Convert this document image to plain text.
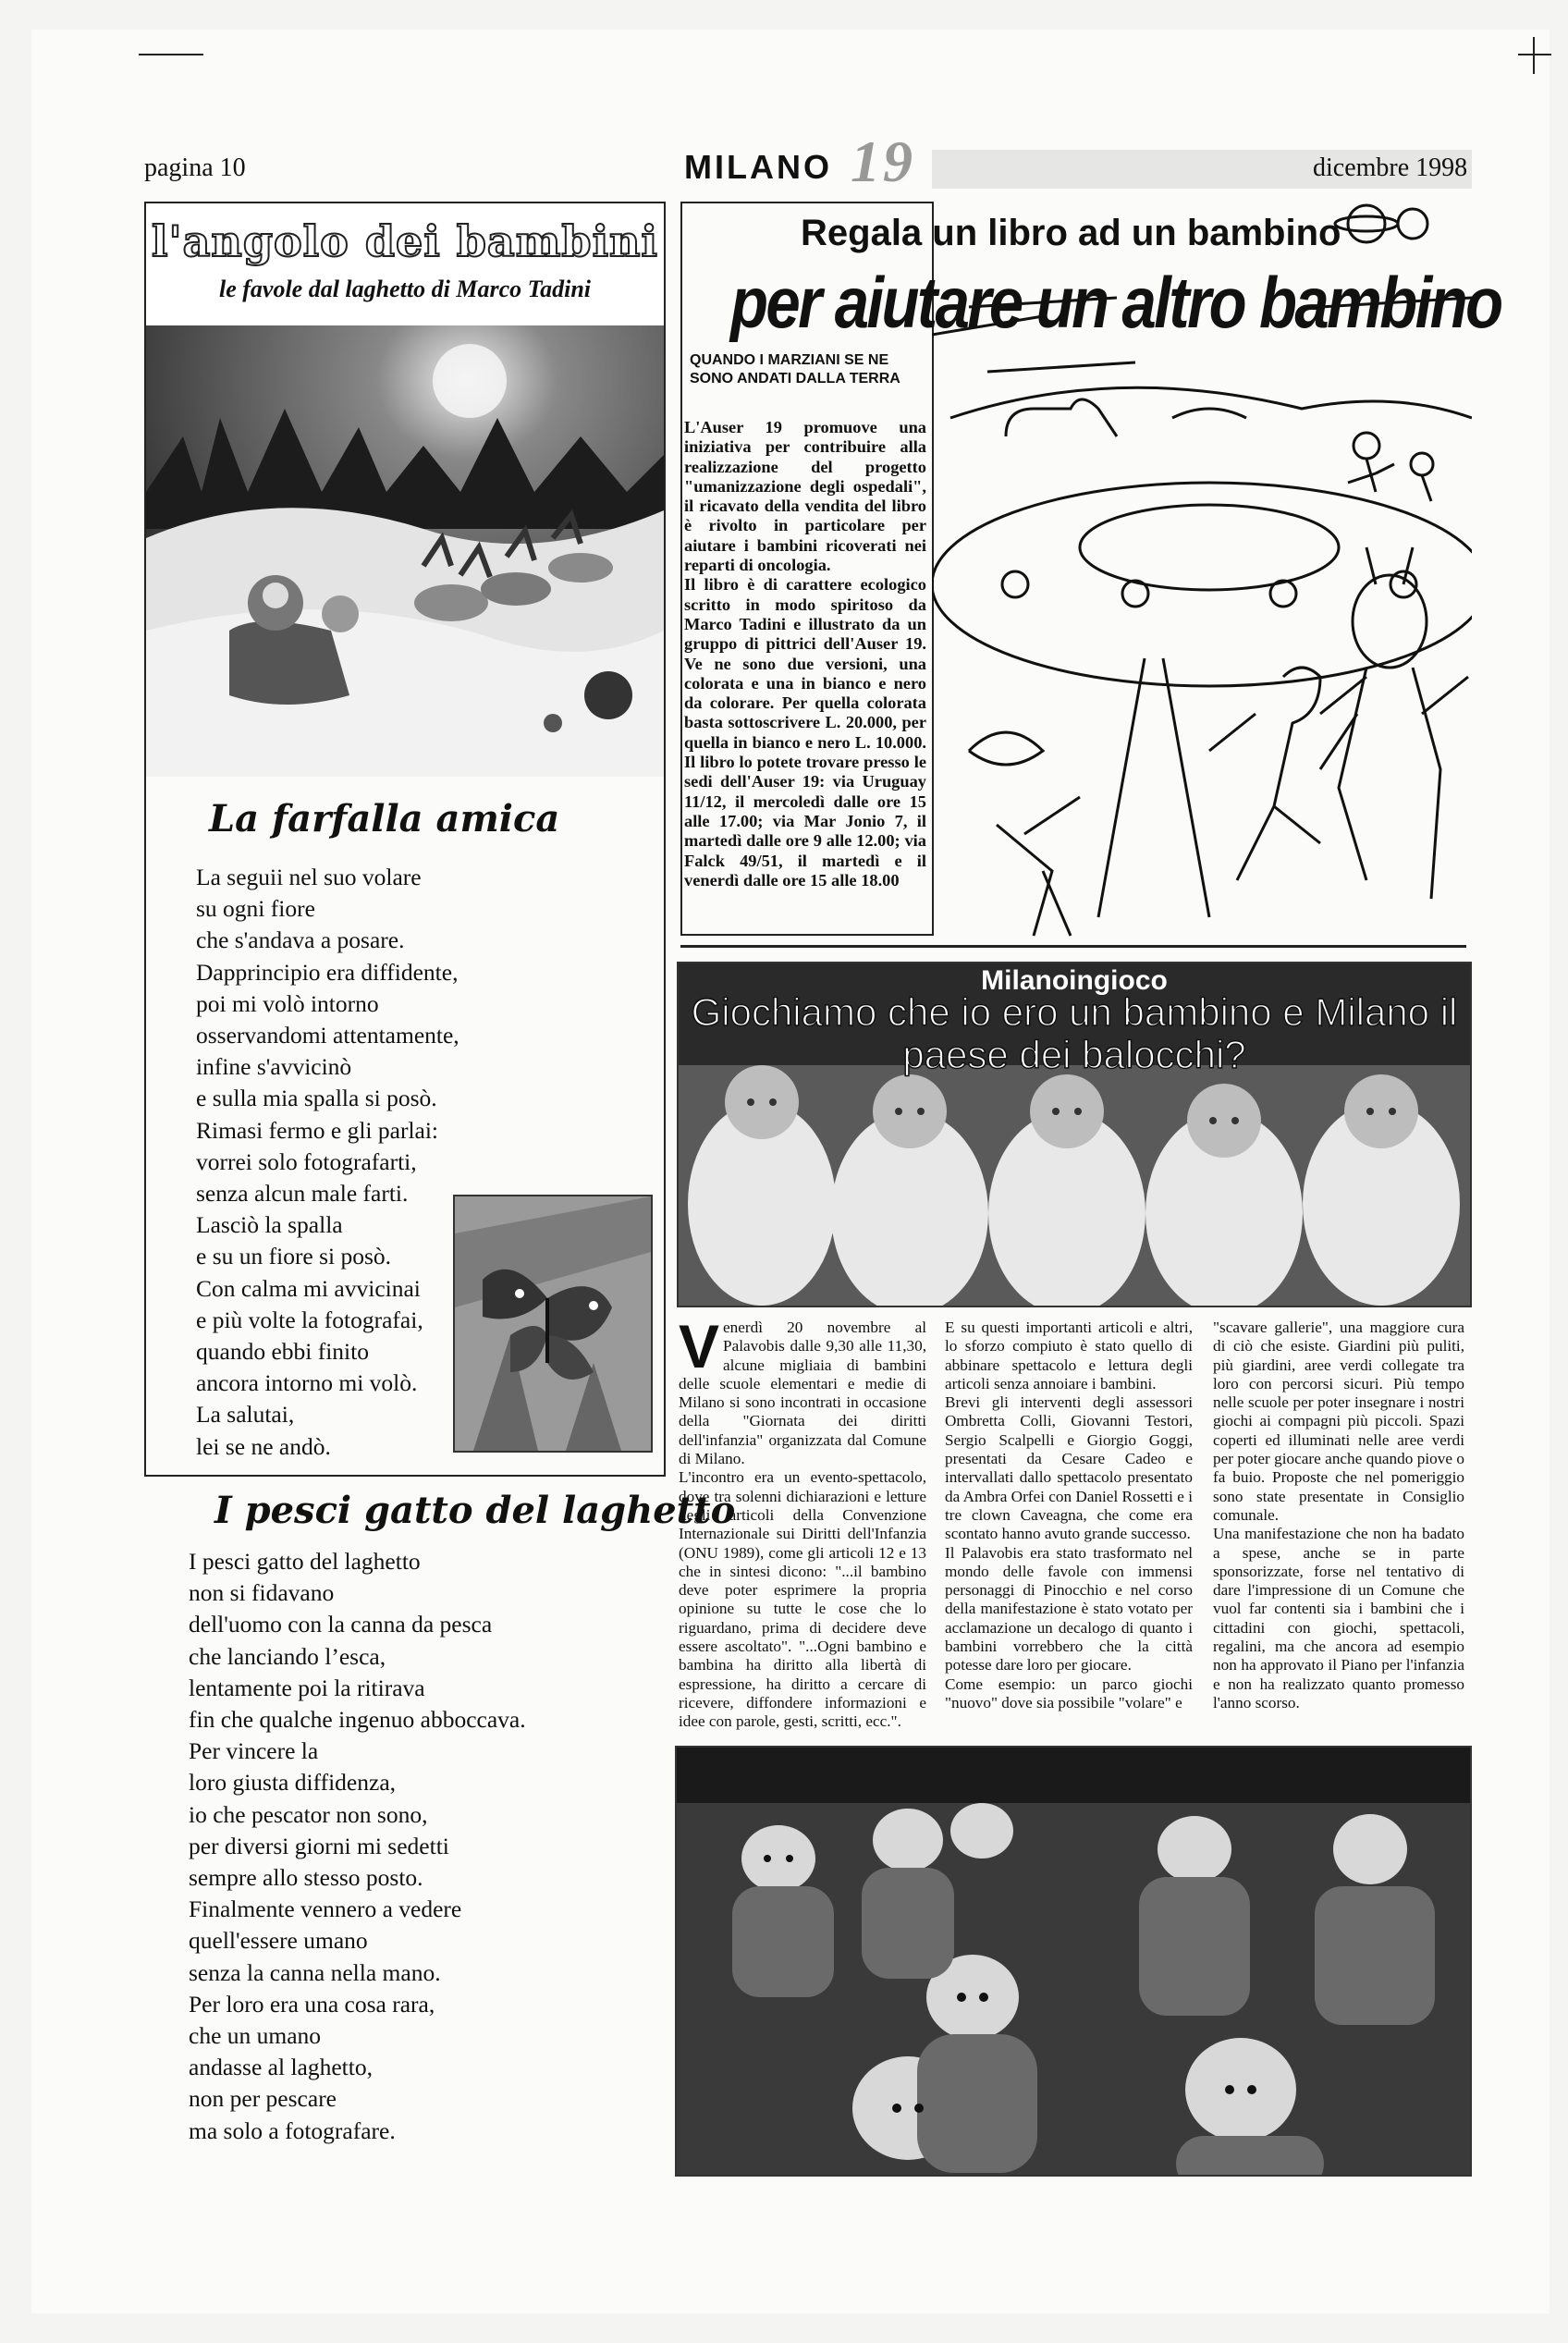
pagina 10	MILANO 19	dicembre 1998
l'angolo dei bambini
le favole dal laghetto di Marco Tadini
La farfalla amica
La seguii nel suo volare
su ogni fiore
che s'andava a posare.
Dapprincipio era diffidente,
poi mi volò intorno
osservandomi attentamente,
infine s'avvicinò
e sulla mia spalla si posò.
Rimasi fermo e gli parlai:
vorrei solo fotografarti,
senza alcun male farti.
Lasciò la spalla
e su un fiore si posò.
Con calma mi avvicinai
e più volte la fotografai,
quando ebbi finito
ancora intorno mi volò.
La salutai,
lei se ne andò.
I pesci gatto del laghetto
I pesci gatto del laghetto
non si fidavano
dell'uomo con la canna da pesca
che lanciando l’esca,
lentamente poi la ritirava
fin che qualche ingenuo abboccava.
Per vincere la
loro giusta diffidenza,
io che pescator non sono,
per diversi giorni mi sedetti
sempre allo stesso posto.
Finalmente vennero a vedere
quell'essere umano
senza la canna nella mano.
Per loro era una cosa rara,
che un umano
andasse al laghetto,
non per pescare
ma solo a fotografare.
Regala un libro ad un bambino
per aiutare un altro bambino
QUANDO I MARZIANI SE NE SONO ANDATI DALLA TERRA
L'Auser 19 promuove una iniziativa per contribuire alla realizzazione del progetto "umanizzazione degli ospedali", il ricavato della vendita del libro è rivolto in particolare per aiutare i bambini ricoverati nei reparti di oncologia.
Il libro è di carattere ecologico scritto in modo spiritoso da Marco Tadini e illustrato da un gruppo di pittrici dell'Auser 19. Ve ne sono due versioni, una colorata e una in bianco e nero da colorare. Per quella colorata basta sottoscrivere L. 20.000, per quella in bianco e nero L. 10.000. Il libro lo potete trovare presso le sedi dell'Auser 19: via Uruguay 11/12, il mercoledì dalle ore 15 alle 17.00; via Mar Jonio 7, il martedì dalle ore 9 alle 12.00; via Falck 49/51, il martedì e il venerdì dalle ore 15 alle 18.00
Milanoingioco
Giochiamo che io ero un bambino e Milano il paese dei balocchi?
V enerdì 20 novembre al Palavobis dalle 9,30 alle 11,30, alcune migliaia di bambini delle scuole elementari e medie di Milano si sono incontrati in occasione della "Giornata dei diritti dell'infanzia" organizzata dal Comune di Milano.
L'incontro era un evento-spettacolo, dove tra solenni dichiarazioni e letture degli articoli della Convenzione Internazionale sui Diritti dell'Infanzia (ONU 1989), come gli articoli 12 e 13 che in sintesi dicono: "...il bambino deve poter esprimere la propria opinione su tutte le cose che lo riguardano, prima di decidere deve essere ascoltato". "...Ogni bambino e bambina ha diritto alla libertà di espressione, ha diritto a cercare di ricevere, diffondere informazioni e idee con parole, gesti, scritti, ecc.".
E su questi importanti articoli e altri, lo sforzo compiuto è stato quello di abbinare spettacolo e lettura degli articoli senza annoiare i bambini.
Brevi gli interventi degli assessori Ombretta Colli, Giovanni Testori, Sergio Scalpelli e Giorgio Goggi, presentati da Cesare Cadeo e intervallati dallo spettacolo presentato da Ambra Orfei con Daniel Rossetti e i tre clown Caveagna, che come era scontato hanno avuto grande successo.
Il Palavobis era stato trasformato nel mondo delle favole con immensi personaggi di Pinocchio e nel corso della manifestazione è stato votato per acclamazione un decalogo di quanto i bambini vorrebbero che la città potesse dare loro per giocare.
Come esempio: un parco giochi "nuovo" dove sia possibile "volare" e
"scavare gallerie", una maggiore cura di ciò che esiste. Giardini più puliti, più giardini, aree verdi collegate tra loro con percorsi sicuri. Più tempo nelle scuole per poter insegnare i nostri giochi ai compagni più piccoli. Spazi coperti ed illuminati nelle aree verdi per poter giocare anche quando piove o fa buio. Proposte che nel pomeriggio sono state presentate in Consiglio comunale.
Una manifestazione che non ha badato a spese, anche se in parte sponsorizzate, forse nel tentativo di dare l'impressione di un Comune che vuol far contenti sia i bambini che i cittadini con giochi, spettacoli, regalini, ma che ancora ad esempio non ha approvato il Piano per l'infanzia e non ha realizzato quanto promesso l'anno scorso.
